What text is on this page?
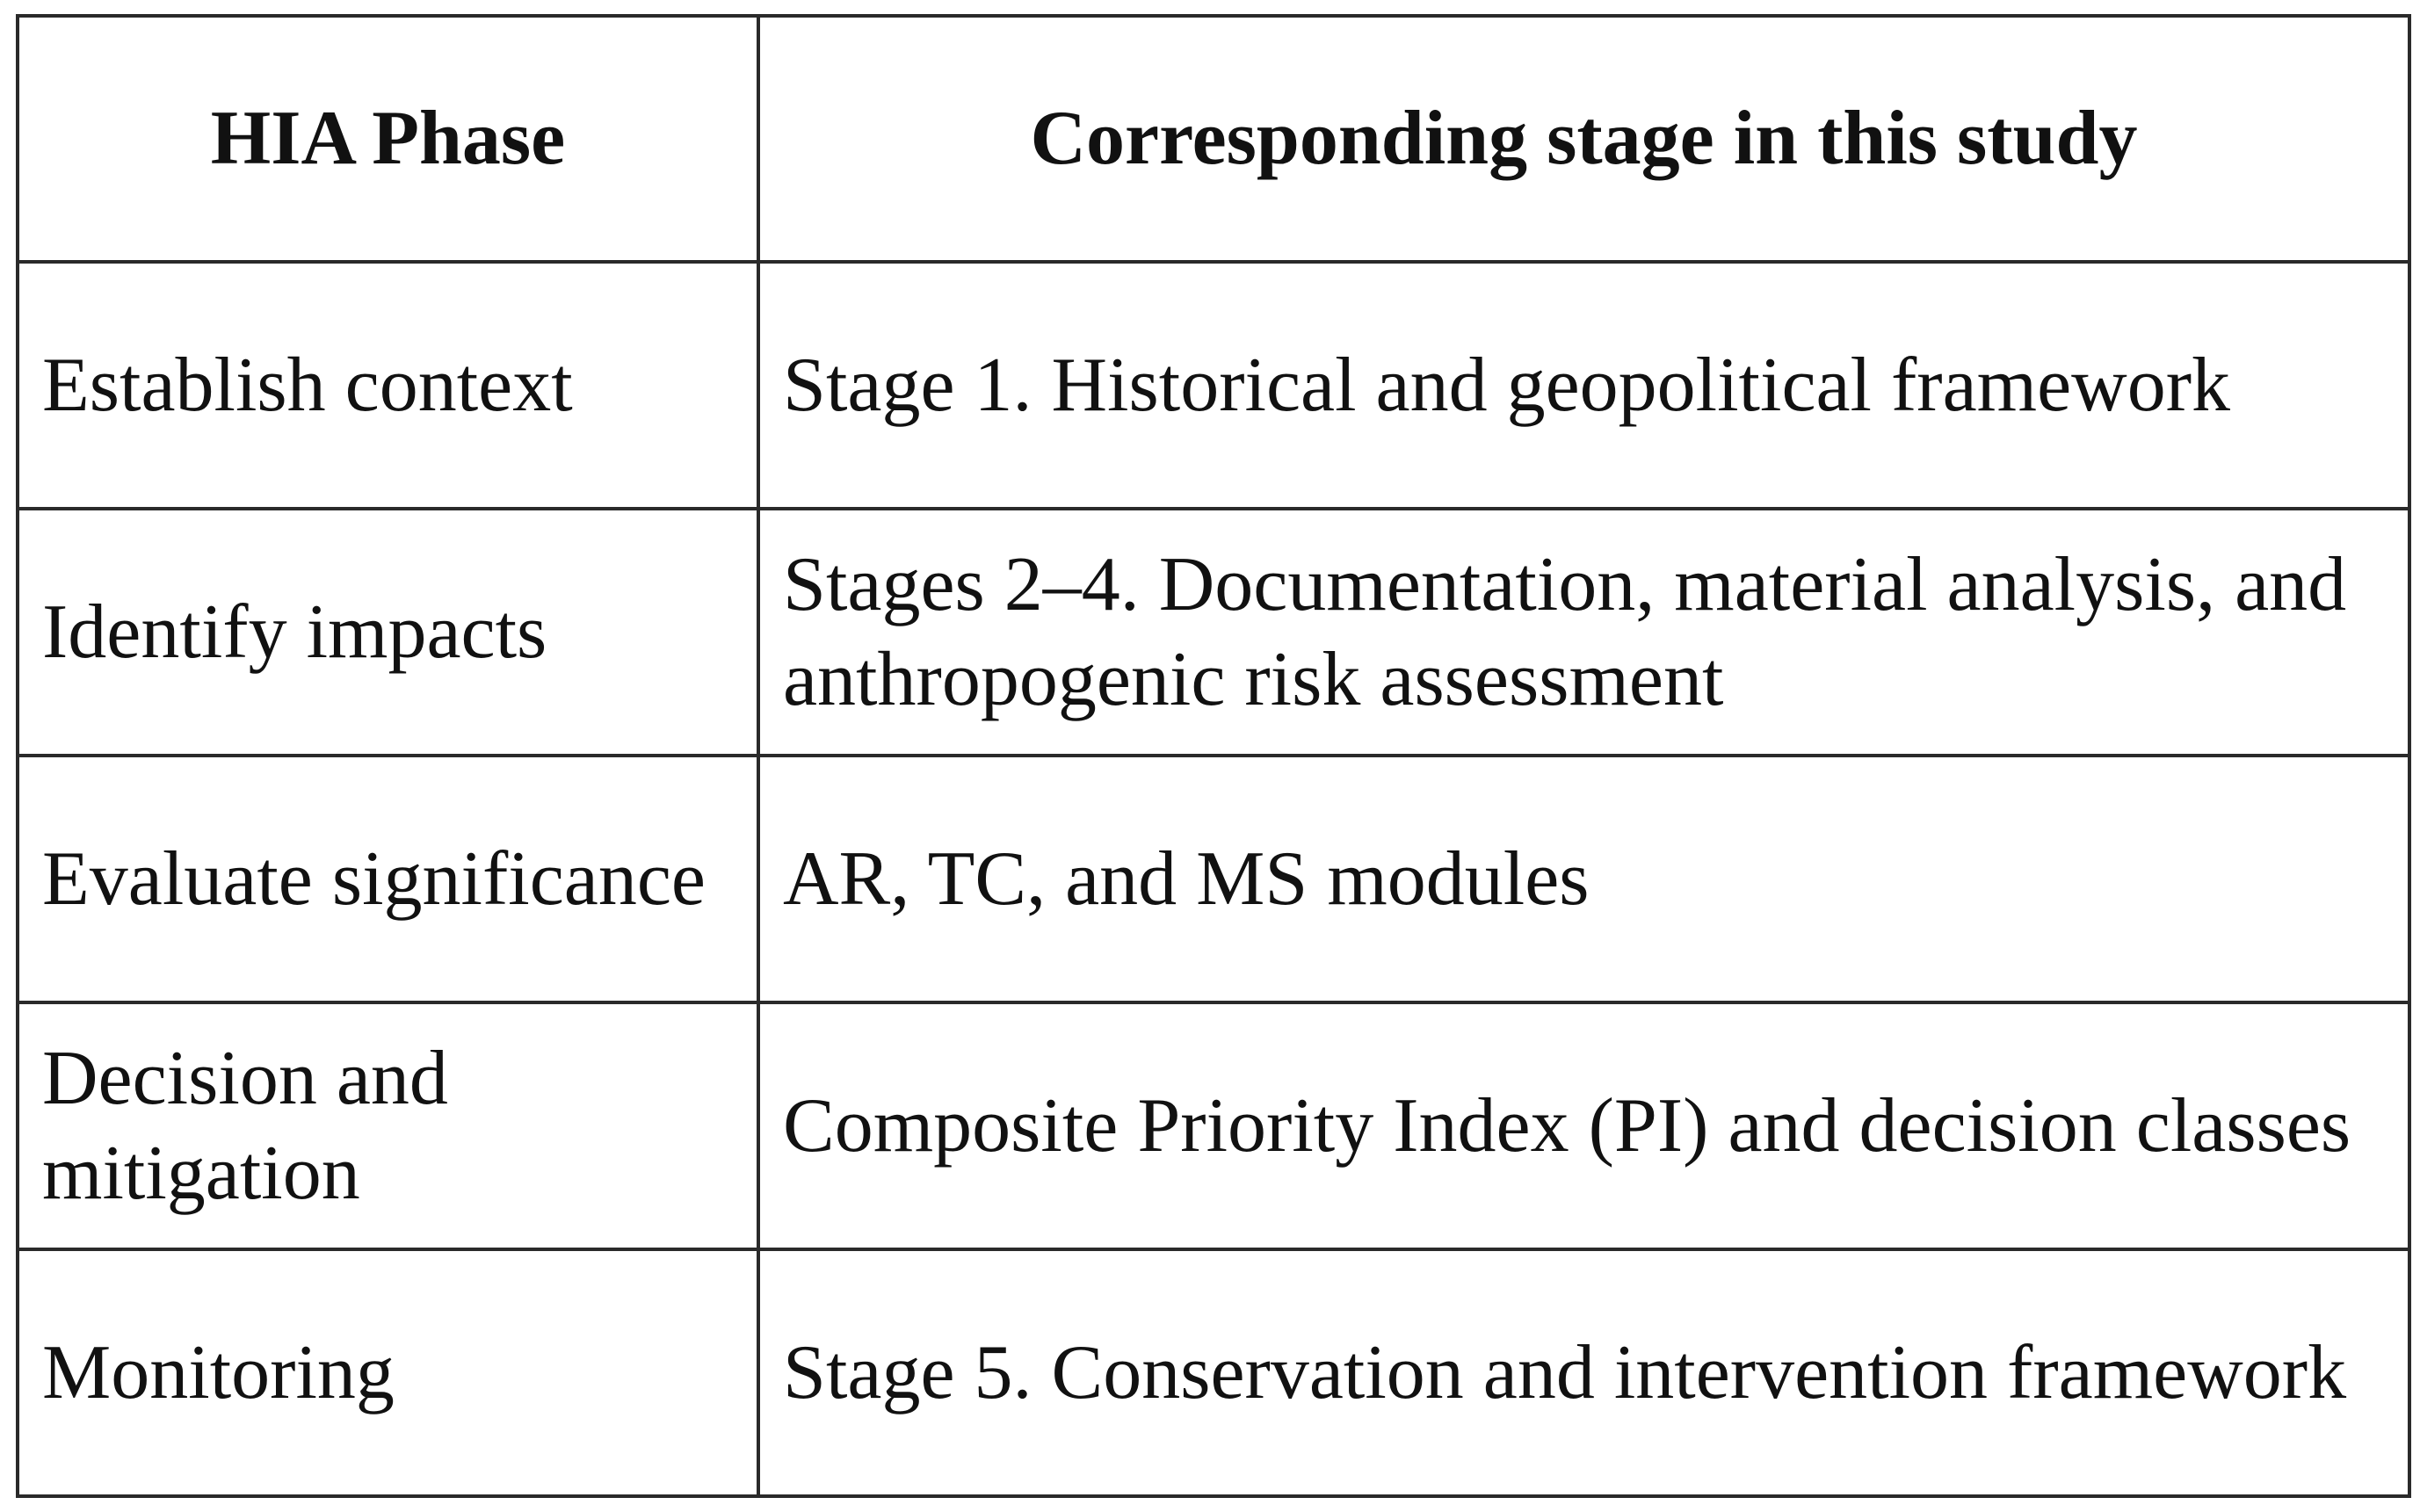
HIA Phase	Corresponding stage in this study
Establish context	Stage 1. Historical and geopolitical framework
Identify impacts	Stages 2–4. Documentation, material analysis, and anthropogenic risk assessment
Evaluate significance	AR, TC, and MS modules
Decision and mitigation	Composite Priority Index (PI) and decision classes
Monitoring	Stage 5. Conservation and intervention framework
